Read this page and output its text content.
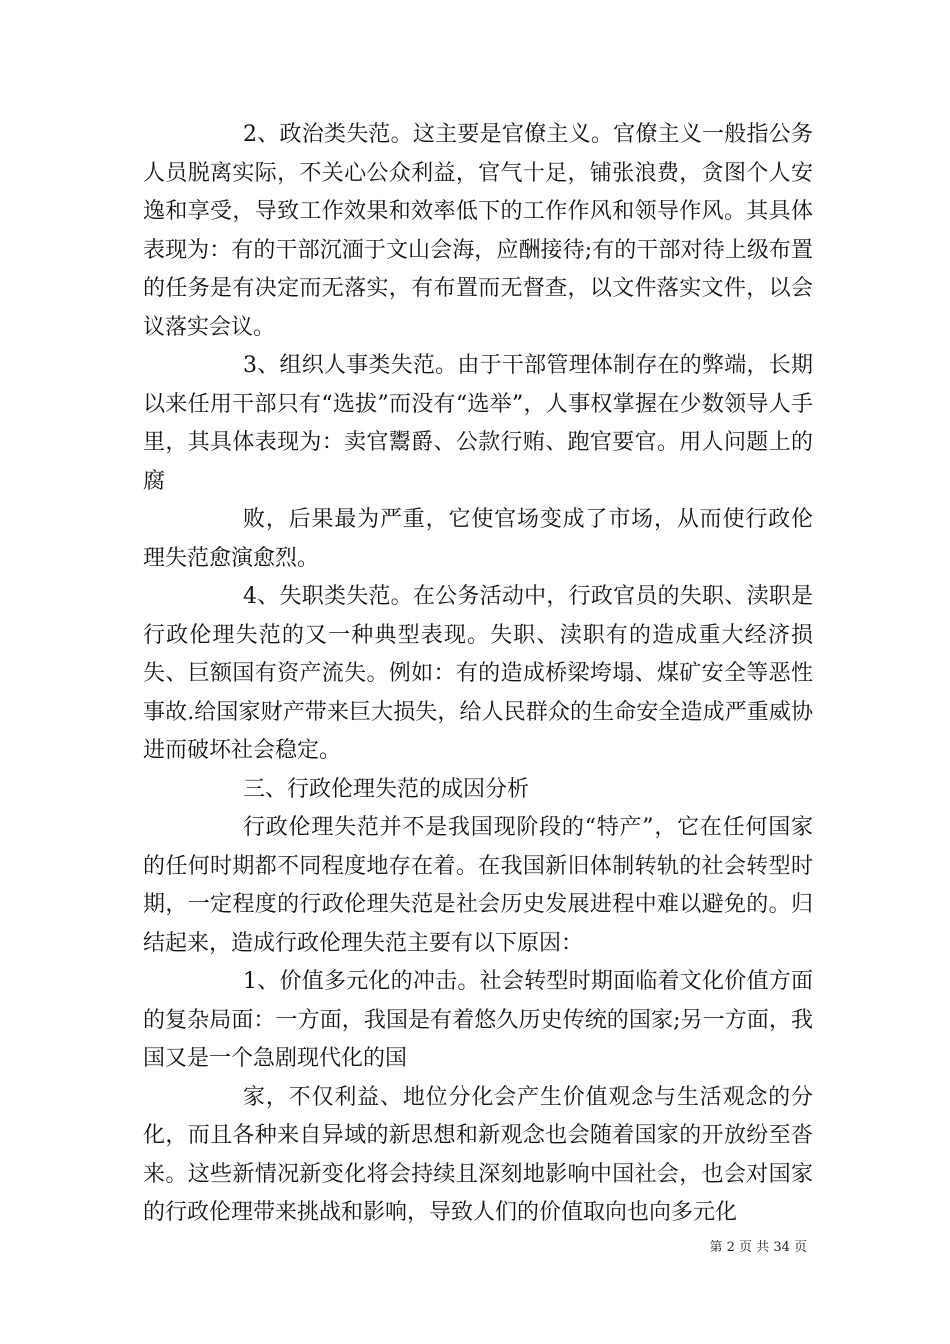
2、政治类失范。这主要是官僚主义。官僚主义一般指公务人员脱离实际，不关心公众利益，官气十足，铺张浪费，贪图个人安逸和享受，导致工作效果和效率低下的工作作风和领导作风。其具体表现为：有的干部沉湎于文山会海，应酬接待;有的干部对待上级布置的任务是有决定而无落实，有布置而无督查，以文件落实文件，以会议落实会议。

3、组织人事类失范。由于干部管理体制存在的弊端，长期以来任用干部只有“选拔”而没有“选举”，人事权掌握在少数领导人手里，其具体表现为：卖官鬻爵、公款行贿、跑官要官。用人问题上的腐

败，后果最为严重，它使官场变成了市场，从而使行政伦理失范愈演愈烈。

4、失职类失范。在公务活动中，行政官员的失职、渎职是行政伦理失范的又一种典型表现。失职、渎职有的造成重大经济损失、巨额国有资产流失。例如：有的造成桥梁垮塌、煤矿安全等恶性事故.给国家财产带来巨大损失，给人民群众的生命安全造成严重威协进而破坏社会稳定。

三、行政伦理失范的成因分析

行政伦理失范并不是我国现阶段的“特产”，它在任何国家的任何时期都不同程度地存在着。在我国新旧体制转轨的社会转型时期，一定程度的行政伦理失范是社会历史发展进程中难以避免的。归结起来，造成行政伦理失范主要有以下原因：

1、价值多元化的冲击。社会转型时期面临着文化价值方面的复杂局面：一方面，我国是有着悠久历史传统的国家;另一方面，我国又是一个急剧现代化的国

家，不仅利益、地位分化会产生价值观念与生活观念的分化，而且各种来自异域的新思想和新观念也会随着国家的开放纷至沓来。这些新情况新变化将会持续且深刻地影响中国社会，也会对国家的行政伦理带来挑战和影响，导致人们的价值取向也向多元化

第 2 页 共 34 页
